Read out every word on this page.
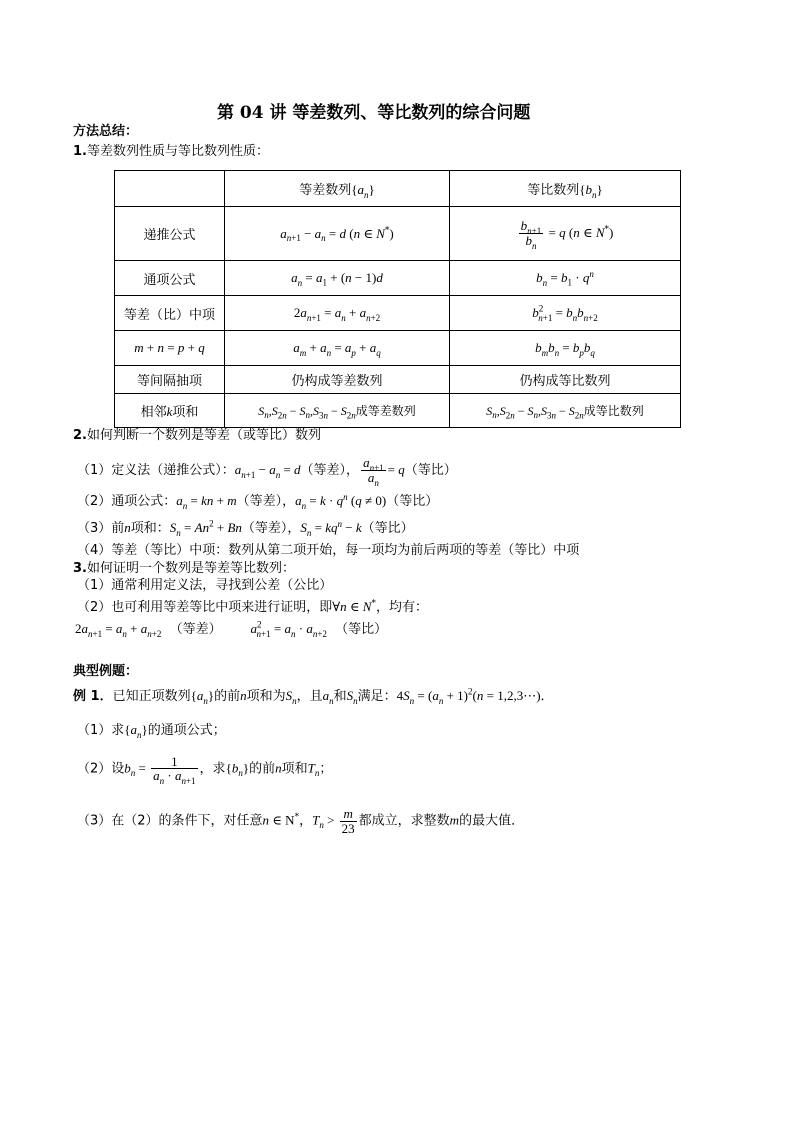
第 04 讲 等差数列、等比数列的综合问题
方法总结：
1.等差数列性质与等比数列性质：
	等差数列$\{a_n\}$	等比数列$\{b_n\}$
递推公式	$a_{n+1} - a_n = d$ (n ∈ N*)	$\frac{b_{n+1}}{b_n} = q$ (n ∈ N*)
通项公式	$a_n = a_1 + (n - 1)d$	$b_n = b_1 \cdot q^n$
等差（比）中项	$2a_{n+1} = a_n + a_{n+2}$	$b^2_{n+1} = b_nb_{n+2}$
m + n = p + q	$a_m + a_n = a_p + a_q$	$b_mb_n = b_pb_q$
等间隔抽项	仍构成等差数列	仍构成等比数列
相邻k项和	$S_n,S_{2n} - S_n,S_{3n} - S_{2n}$成等差数列	$S_n,S_{2n} - S_n,S_{3n} - S_{2n}$成等比数列
2.如何判断一个数列是等差（或等比）数列
（1）定义法（递推公式）：$a_{n+1} - a_n = d$（等差）， $\frac{a_{n+1}}{a_n} = q$（等比）
（2）通项公式：$a_n$ = kn + m（等差），$a_n = k \cdot q^n$ (q ≠ 0)（等比）
（3）前n项和：$S_n = An^2 + Bn$（等差），$S_n = kq^n - k$（等比）
（4）等差（等比）中项：数列从第二项开始，每一项均为前后两项的等差（等比）中项
3.如何证明一个数列是等差等比数列：
（1）通常利用定义法，寻找到公差（公比）
（2）也可利用等差等比中项来进行证明，即∀n ∈ N*，均有：
$2a_{n+1} = a_n + a_{n+2}$  （等差）       $a^2_{n+1} = a_n \cdot a_{n+2}$  （等比）
典型例题：
例 1．已知正项数列$\{a_n\}$的前n项和为$S_n$，且$a_n$和$S_n$满足：$4S_n = (a_n + 1)^2(n$ = 1,2,3⋯)．
（1）求$\{a_n\}$的通项公式；
（2）设$b_n = \frac{1}{a_n \cdot a_{n+1}}$ ，求$\{b_n\}$的前n项和$T_n$；
（3）在（2）的条件下，对任意n ∈ N*，$T_n > \frac{m}{23}$ 都成立，求整数m的最大值．
